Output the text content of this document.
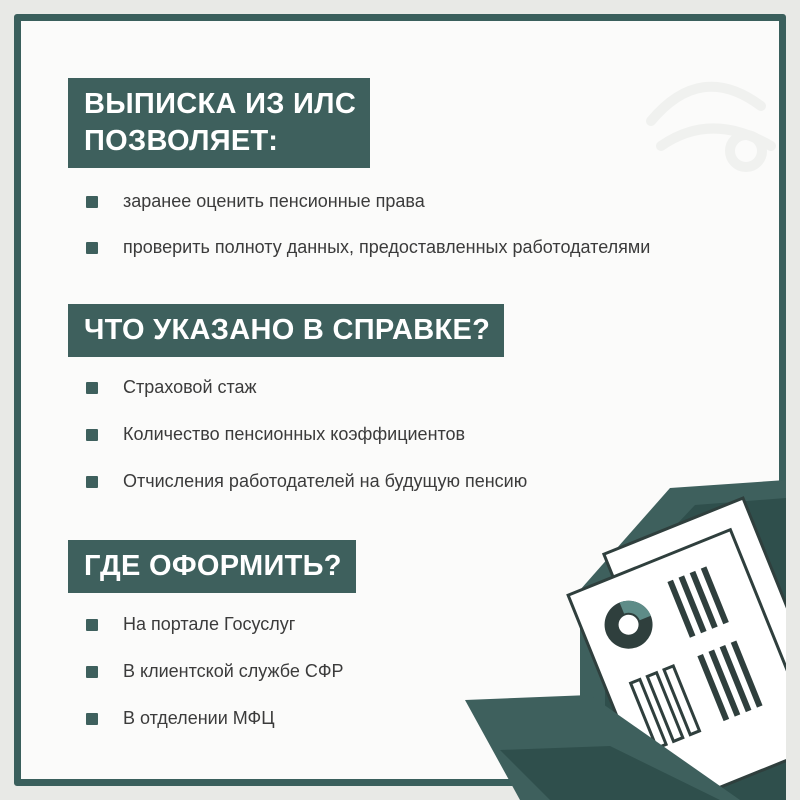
ВЫПИСКА ИЗ ИЛС
ПОЗВОЛЯЕТ:
заранее оценить пенсионные права
проверить полноту данных, предоставленных работодателями
ЧТО УКАЗАНО В СПРАВКЕ?
Страховой стаж
Количество пенсионных коэффициентов
Отчисления работодателей на будущую пенсию
ГДЕ ОФОРМИТЬ?
На портале Госуслуг
В клиентской службе СФР
В отделении МФЦ
